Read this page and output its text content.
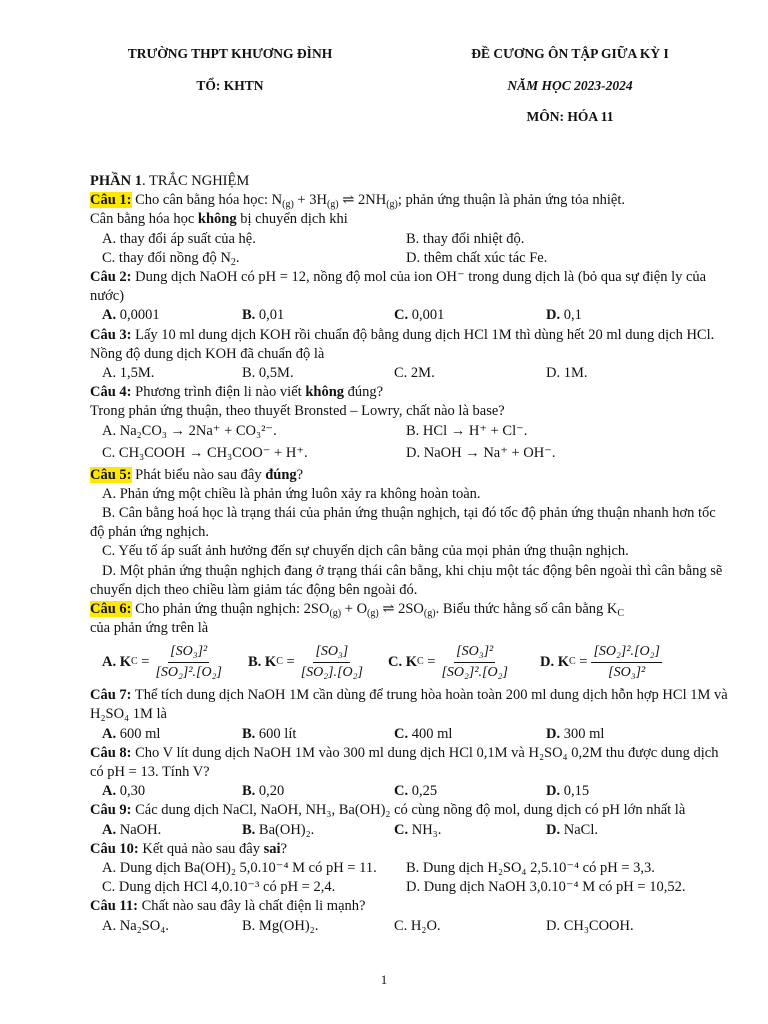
TRƯỜNG THPT KHƯƠNG ĐÌNH
TỔ: KHTN
ĐỀ CƯƠNG ÔN TẬP GIỮA KỲ I
NĂM HỌC 2023-2024
MÔN: HÓA 11
PHẦN 1. TRẮC NGHIỆM
Câu 1: Cho cân bằng hóa học: $N_{(g)} + 3H_{(g)}$ ⇌ $2NH_{(g)}$; phản ứng thuận là phản ứng tỏa nhiệt.
Cân bằng hóa học không bị chuyển dịch khi
A. thay đổi áp suất của hệ.	B. thay đổi nhiệt độ.
C. thay đổi nồng độ $N_2$.	D. thêm chất xúc tác Fe.
Câu 2: Dung dịch NaOH có pH = 12, nồng độ mol của ion OH⁻ trong dung dịch là (bỏ qua sự điện ly của nước)
A. 0,0001	B. 0,01	C. 0,001	D. 0,1
Câu 3: Lấy 10 ml dung dịch KOH rồi chuẩn độ bằng dung dịch HCl 1M thì dùng hết 20 ml dung dịch HCl. Nồng độ dung dịch KOH đã chuẩn độ là
A. 1,5M.	B. 0,5M.	C. 2M.	D. 1M.
Câu 4: Phương trình điện li nào viết không đúng?
Trong phản ứng thuận, theo thuyết Bronsted – Lowry, chất nào là base?
A. Na₂CO₃ → 2Na⁺ + CO₃²⁻.	B. HCl → H⁺ + Cl⁻.
C. CH₃COOH → CH₃COO⁻ + H⁺.	D. NaOH → Na⁺ + OH⁻.
Câu 5: Phát biểu nào sau đây đúng?
A. Phản ứng một chiều là phản ứng luôn xảy ra không hoàn toàn.
B. Cân bằng hoá học là trạng thái của phản ứng thuận nghịch, tại đó tốc độ phản ứng thuận nhanh hơn tốc độ phản ứng nghịch.
C. Yếu tố áp suất ảnh hưởng đến sự chuyển dịch cân bằng của mọi phản ứng thuận nghịch.
D. Một phản ứng thuận nghịch đang ở trạng thái cân bằng, khi chịu một tác động bên ngoài thì cân bằng sẽ chuyển dịch theo chiều làm giảm tác động bên ngoài đó.
Câu 6: Cho phản ứng thuận nghịch: $2SO_{(g)} + O_{(g)}$ ⇌ $2SO_{(g)}$. Biểu thức hằng số cân bằng $K_C$
của phản ứng trên là
A. K $C = \frac{\text{[SO₃]²}}{\text{[SO₂]².[O₂]}} B$. K $C = \frac{\text{[SO₃]}}{\text{[SO₂].[O₂]}} C$. K $C = \frac{\text{[SO₃]²}}{\text{[SO₂]².[O₂]}} D$. K $C = \frac{\text{[SO₂]².[O₂]}}{\text{[SO₃]²}}$
Câu 7: Thể tích dung dịch NaOH 1M cần dùng để trung hòa hoàn toàn 200 ml dung dịch hỗn hợp HCl 1M và H₂SO₄ 1M là
A. 600 ml	B. 600 lít	C. 400 ml	D. 300 ml
Câu 8: Cho V lít dung dịch NaOH 1M vào 300 ml dung dịch HCl 0,1M và H₂SO₄ 0,2M thu được dung dịch có pH = 13. Tính V?
A. 0,30	B. 0,20	C. 0,25	D. 0,15
Câu 9: Các dung dịch NaCl, NaOH, NH₃, Ba(OH)₂ có cùng nồng độ mol, dung dịch có pH lớn nhất là
A. NaOH.	B. Ba(OH)₂.	C. NH₃.	D. NaCl.
Câu 10: Kết quả nào sau đây sai?
A. Dung dịch Ba(OH)₂ 5,0.10⁻⁴ M có pH = 11.	B. Dung dịch H₂SO₄ 2,5.10⁻⁴ có pH = 3,3.
C. Dung dịch HCl 4,0.10⁻³ có pH = 2,4.	D. Dung dịch NaOH 3,0.10⁻⁴ M có pH = 10,52.
Câu 11: Chất nào sau đây là chất điện li mạnh?
A. Na₂SO₄.	B. Mg(OH)₂.	C. H₂O.	D. CH₃COOH.
1
